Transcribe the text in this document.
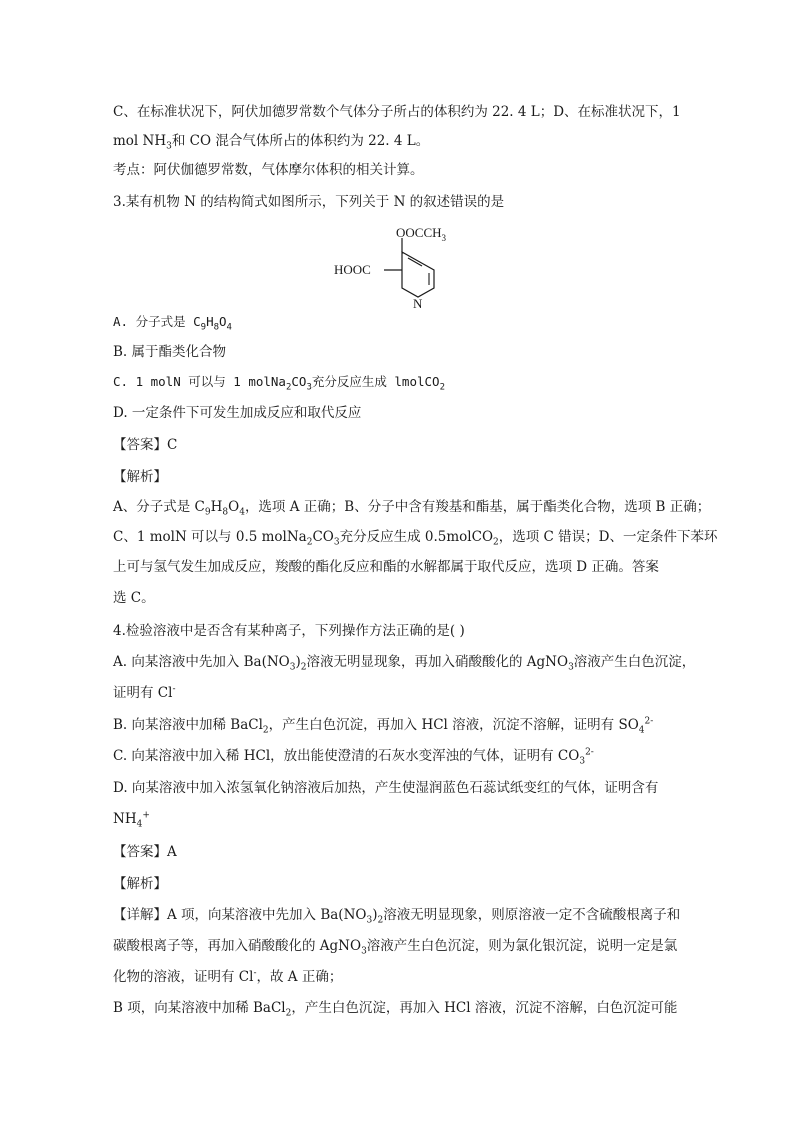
C、在标准状况下，阿伏加德罗常数个气体分子所占的体积约为 22. 4 L；D、在标准状况下，1
mol $NH_3$和 CO 混合气体所占的体积约为 22. 4 L。
考点：阿伏伽德罗常数，气体摩尔体积的相关计算。
3.某有机物 N 的结构简式如图所示，下列关于 N 的叙述错误的是
$OOCCH_3$
HOOC
N
A. 分子式是 $C_9H_8O_4$
B. 属于酯类化合物
C. 1 molN 可以与 1 $molNa_2CO_3$充分反应生成 lmolCO$_2$
D. 一定条件下可发生加成反应和取代反应
【答案】C
【解析】
A、分子式是 $C_9H_8O_4$，选项 A 正确；B、分子中含有羧基和酯基，属于酯类化合物，选项 B 正确；
C、1 molN 可以与 0.5 $molNa_2CO_3$充分反应生成 0.5molCO$_2$，选项 C 错误；D、一定条件下苯环
上可与氢气发生加成反应，羧酸的酯化反应和酯的水解都属于取代反应，选项 D 正确。答案
选 C。
4.检验溶液中是否含有某种离子，下列操作方法正确的是( )
A. 向某溶液中先加入 $Ba(NO_3)_2$溶液无明显现象，再加入硝酸酸化的 AgNO$_3$溶液产生白色沉淀，
证明有 Cl-
B. 向某溶液中加稀 BaCl$_2$，产生白色沉淀，再加入 HCl 溶液，沉淀不溶解，证明有 $SO_4^{2-}$
C. 向某溶液中加入稀 HCl，放出能使澄清的石灰水变浑浊的气体，证明有 $CO_3^{2-}$
D. 向某溶液中加入浓氢氧化钠溶液后加热，产生使湿润蓝色石蕊试纸变红的气体，证明含有
$NH_4^+$
【答案】A
【解析】
【详解】A 项，向某溶液中先加入 $Ba(NO_3)_2$溶液无明显现象，则原溶液一定不含硫酸根离子和
碳酸根离子等，再加入硝酸酸化的 AgNO$_3$溶液产生白色沉淀，则为氯化银沉淀，说明一定是氯
化物的溶液，证明有 Cl-，故 A 正确；
B 项，向某溶液中加稀 BaCl$_2$，产生白色沉淀，再加入 HCl 溶液，沉淀不溶解，白色沉淀可能
